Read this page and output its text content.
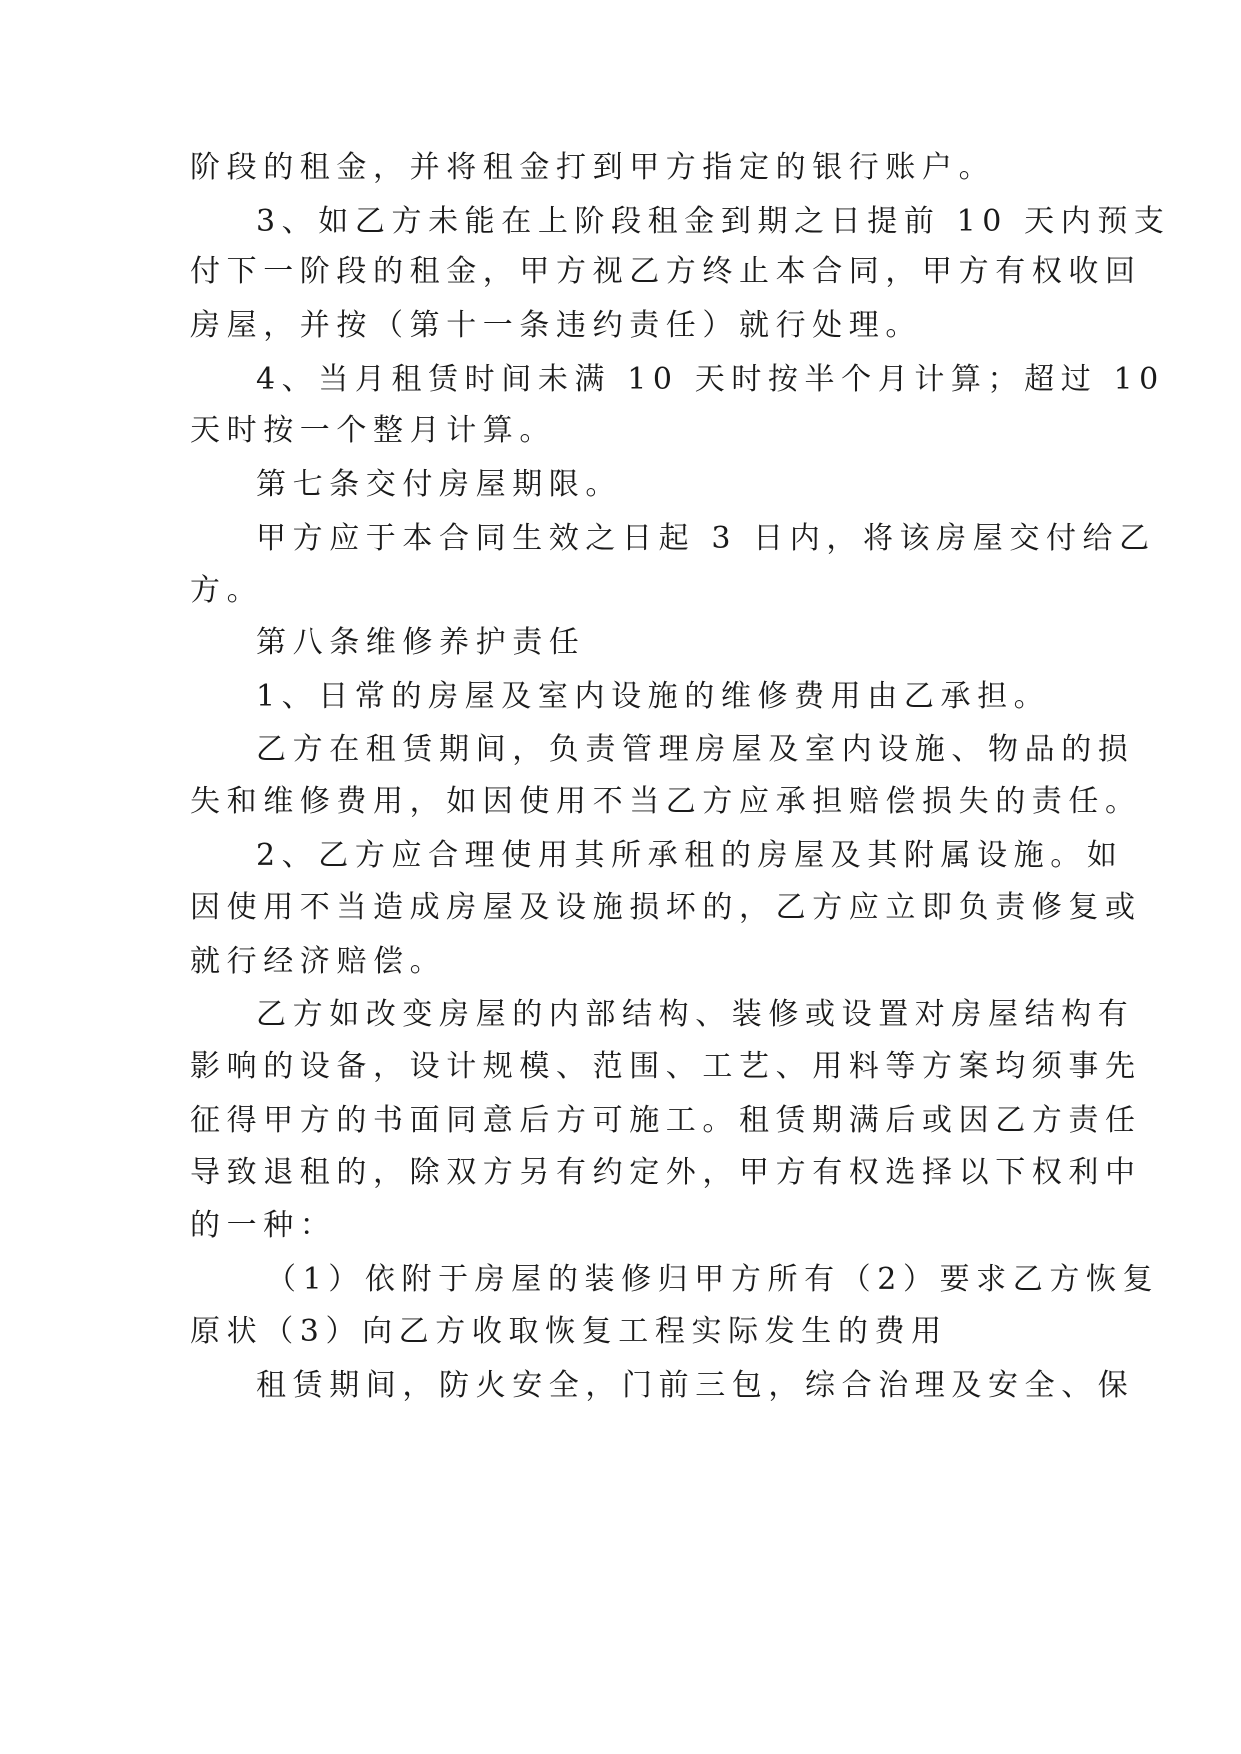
阶段的租金，并将租金打到甲方指定的银行账户。
3、如乙方未能在上阶段租金到期之日提前 10 天内预支
付下一阶段的租金，甲方视乙方终止本合同，甲方有权收回
房屋，并按（第十一条违约责任）就行处理。
4、当月租赁时间未满 10 天时按半个月计算；超过 10
天时按一个整月计算。
第七条交付房屋期限。
甲方应于本合同生效之日起 3 日内，将该房屋交付给乙
方。
第八条维修养护责任
1、日常的房屋及室内设施的维修费用由乙承担。
乙方在租赁期间，负责管理房屋及室内设施、物品的损
失和维修费用，如因使用不当乙方应承担赔偿损失的责任。
2、乙方应合理使用其所承租的房屋及其附属设施。如
因使用不当造成房屋及设施损坏的，乙方应立即负责修复或
就行经济赔偿。
乙方如改变房屋的内部结构、装修或设置对房屋结构有
影响的设备，设计规模、范围、工艺、用料等方案均须事先
征得甲方的书面同意后方可施工。租赁期满后或因乙方责任
导致退租的，除双方另有约定外，甲方有权选择以下权利中
的一种：
（1）依附于房屋的装修归甲方所有（2）要求乙方恢复
原状（3）向乙方收取恢复工程实际发生的费用
租赁期间，防火安全，门前三包，综合治理及安全、保
